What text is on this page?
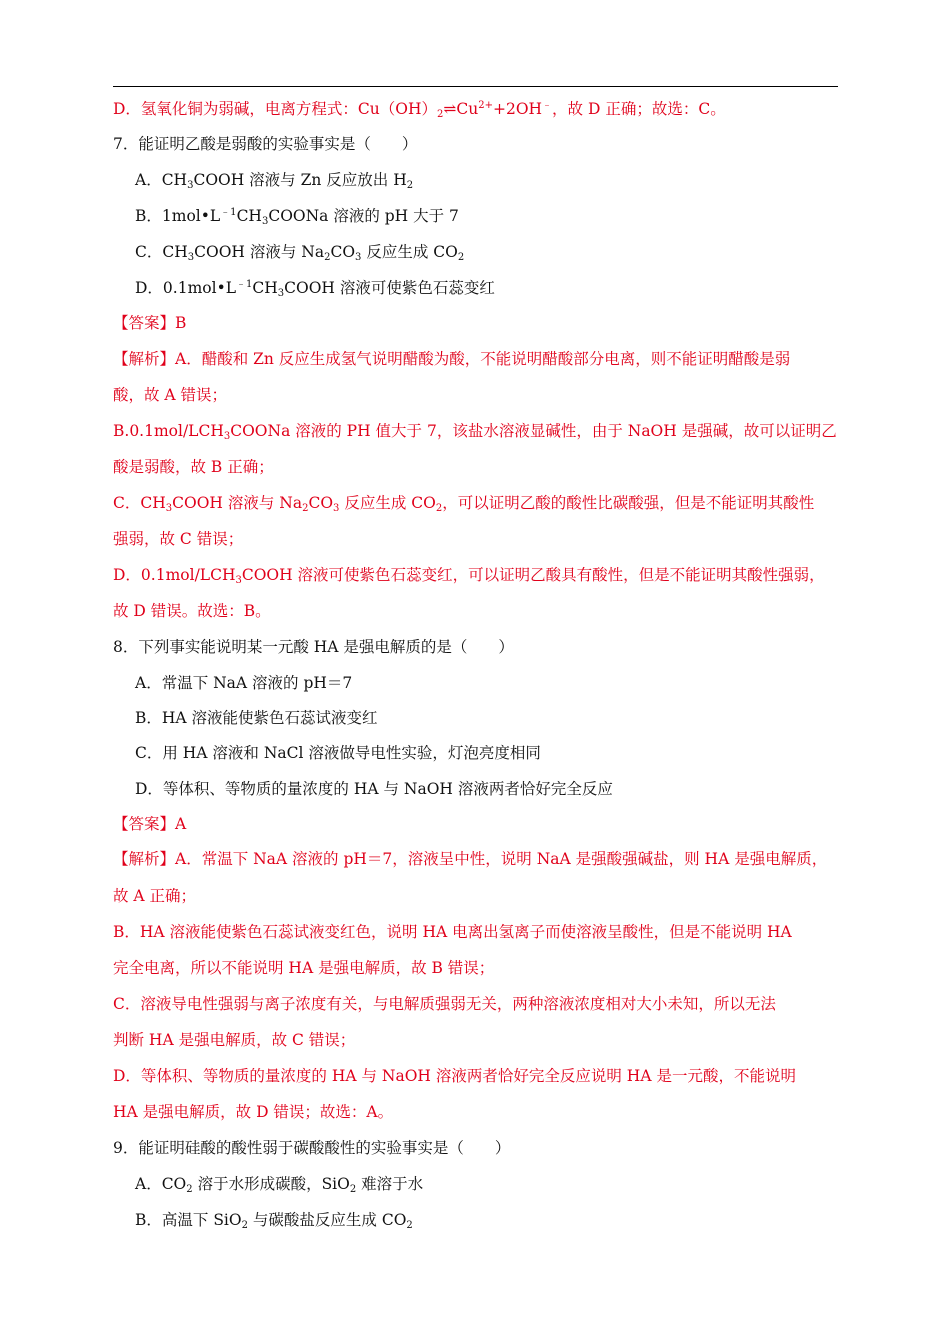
D．氢氧化铜为弱碱，电离方程式：$Cu(OH)_2\rightleftharpoons Cu^{2+}+2OH^﹣$，故 D 正确；故选：C。
7．能证明乙酸是弱酸的实验事实是（　　）
A．$CH_3COOH$ 溶液与 Zn 反应放出 $H_2$
B．$1mol•L^{﹣1}CH_3COONa$ 溶液的 pH 大于 7
C．$CH_3COOH$ 溶液与 $Na_2CO_3$ 反应生成 $CO_2$
D．$0.1mol•L^{﹣1}CH_3COOH$ 溶液可使紫色石蕊变红
【答案】B
【解析】A．醋酸和 Zn 反应生成氢气说明醋酸为酸，不能说明醋酸部分电离，则不能证明醋酸是弱
酸，故 A 错误；
$B.0.1mol/LCH_3COONa$ 溶液的 PH 值大于 7，该盐水溶液显碱性，由于 NaOH 是强碱，故可以证明乙
酸是弱酸，故 B 正确；
C．$CH_3COOH$ 溶液与 $Na_2CO_3$ 反应生成 $CO_2$，可以证明乙酸的酸性比碳酸强，但是不能证明其酸性
强弱，故 C 错误；
D．$0.1mol/LCH_3COOH$ 溶液可使紫色石蕊变红，可以证明乙酸具有酸性，但是不能证明其酸性强弱，
故 D 错误。故选：B。
8．下列事实能说明某一元酸 HA 是强电解质的是（　　）
A．常温下 NaA 溶液的 pH＝7
B．HA 溶液能使紫色石蕊试液变红
C．用 HA 溶液和 NaCl 溶液做导电性实验，灯泡亮度相同
D．等体积、等物质的量浓度的 HA 与 NaOH 溶液两者恰好完全反应
【答案】A
【解析】A．常温下 NaA 溶液的 pH＝7，溶液呈中性，说明 NaA 是强酸强碱盐，则 HA 是强电解质，
故 A 正确；
B．HA 溶液能使紫色石蕊试液变红色，说明 HA 电离出氢离子而使溶液呈酸性，但是不能说明 HA
完全电离，所以不能说明 HA 是强电解质，故 B 错误；
C．溶液导电性强弱与离子浓度有关，与电解质强弱无关，两种溶液浓度相对大小未知，所以无法
判断 HA 是强电解质，故 C 错误；
D．等体积、等物质的量浓度的 HA 与 NaOH 溶液两者恰好完全反应说明 HA 是一元酸，不能说明
HA 是强电解质，故 D 错误；故选：A。
9．能证明硅酸的酸性弱于碳酸酸性的实验事实是（　　）
A．$CO_2$ 溶于水形成碳酸，SiO$_2$ 难溶于水
B．高温下 SiO$_2$ 与碳酸盐反应生成 $CO_2$
